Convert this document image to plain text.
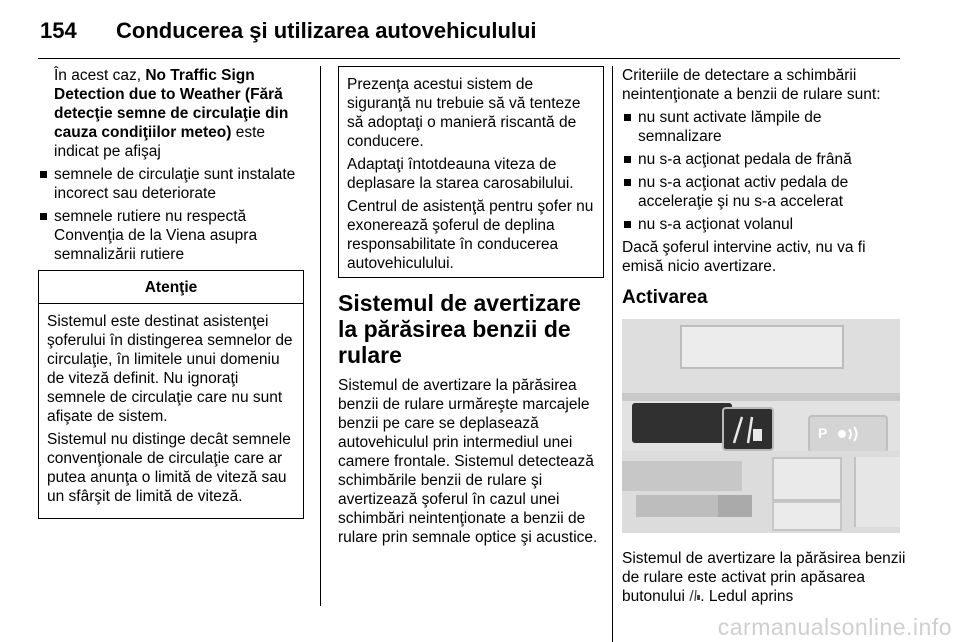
154 Conducerea şi utilizarea autovehiculului

În acest caz, No Traffic Sign Detection due to Weather (Fără detecţie semne de circulaţie din cauza condiţiilor meteo) este indicat pe afişaj

semnele de circulaţie sunt instalate incorect sau deteriorate
semnele rutiere nu respectă Convenţia de la Viena asupra semnalizării rutiere
Atenţie

Sistemul este destinat asistenţei şoferului în distingerea semnelor de circulaţie, în limitele unui domeniu de viteză definit. Nu ignoraţi semnele de circulaţie care nu sunt afişate de sistem.

Sistemul nu distinge decât semnele convenţionale de circulaţie care ar putea anunţa o limită de viteză sau un sfârşit de limită de viteză.

Prezenţa acestui sistem de siguranţă nu trebuie să vă tenteze să adoptaţi o manieră riscantă de conducere.

Adaptaţi întotdeauna viteza de deplasare la starea carosabilului.

Centrul de asistenţă pentru şofer nu exonerează şoferul de deplina responsabilitate în conducerea autovehiculului.

Sistemul de avertizare la părăsirea benzii de rulare

Sistemul de avertizare la părăsirea benzii de rulare urmăreşte marcajele benzii pe care se deplasează autovehiculul prin intermediul unei camere frontale. Sistemul detectează schimbările benzii de rulare şi avertizează şoferul în cazul unei schimbări neintenţionate a benzii de rulare prin semnale optice şi acustice.

Criteriile de detectare a schimbării neintenţionate a benzii de rulare sunt:

nu sunt activate lămpile de semnalizare
nu s-a acţionat pedala de frână
nu s-a acţionat activ pedala de acceleraţie şi nu s-a accelerat
nu s-a acţionat volanul

Dacă şoferul intervine activ, nu va fi emisă nicio avertizare.

Activarea
P

Sistemul de avertizare la părăsirea benzii de rulare este activat prin apăsarea butonului . Ledul aprins

carmanualsonline.info
